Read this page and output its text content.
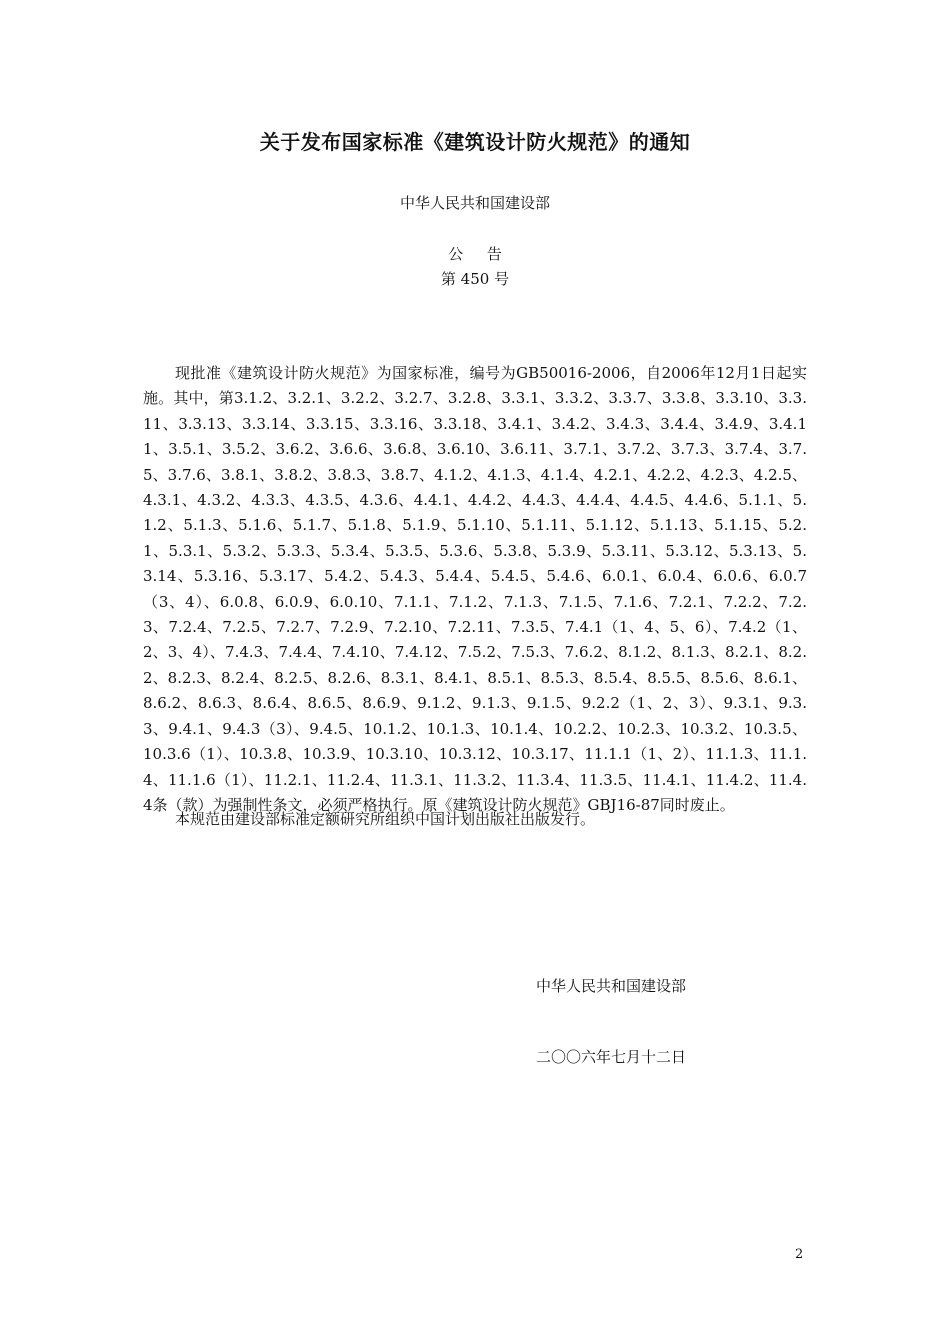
关于发布国家标准《建筑设计防火规范》的通知
中华人民共和国建设部
公     告
第 450 号

现批准《建筑设计防火规范》为国家标准，编号为GB50016-2006，自2006年12月1日起实施。其中，第3.1.2、3.2.1、3.2.2、3.2.7、3.2.8、3.3.1、3.3.2、3.3.7、3.3.8、3.3.10、3.3.11、3.3.13、3.3.14、3.3.15、3.3.16、3.3.18、3.4.1、3.4.2、3.4.3、3.4.4、3.4.9、3.4.11、3.5.1、3.5.2、3.6.2、3.6.6、3.6.8、3.6.10、3.6.11、3.7.1、3.7.2、3.7.3、3.7.4、3.7.5、3.7.6、3.8.1、3.8.2、3.8.3、3.8.7、4.1.2、4.1.3、4.1.4、4.2.1、4.2.2、4.2.3、4.2.5、4.3.1、4.3.2、4.3.3、4.3.5、4.3.6、4.4.1、4.4.2、4.4.3、4.4.4、4.4.5、4.4.6、5.1.1、5.1.2、5.1.3、5.1.6、5.1.7、5.1.8、5.1.9、5.1.10、5.1.11、5.1.12、5.1.13、5.1.15、5.2.1、5.3.1、5.3.2、5.3.3、5.3.4、5.3.5、5.3.6、5.3.8、5.3.9、5.3.11、5.3.12、5.3.13、5.3.14、5.3.16、5.3.17、5.4.2、5.4.3、5.4.4、5.4.5、5.4.6、6.0.1、6.0.4、6.0.6、6.0.7（3、4）、6.0.8、6.0.9、6.0.10、7.1.1、7.1.2、7.1.3、7.1.5、7.1.6、7.2.1、7.2.2、7.2.3、7.2.4、7.2.5、7.2.7、7.2.9、7.2.10、7.2.11、7.3.5、7.4.1（1、4、5、6）、7.4.2（1、2、3、4）、7.4.3、7.4.4、7.4.10、7.4.12、7.5.2、7.5.3、7.6.2、8.1.2、8.1.3、8.2.1、8.2.2、8.2.3、8.2.4、8.2.5、8.2.6、8.3.1、8.4.1、8.5.1、8.5.3、8.5.4、8.5.5、8.5.6、8.6.1、8.6.2、8.6.3、8.6.4、8.6.5、8.6.9、9.1.2、9.1.3、9.1.5、9.2.2（1、2、3）、9.3.1、9.3.3、9.4.1、9.4.3（3）、9.4.5、10.1.2、10.1.3、10.1.4、10.2.2、10.2.3、10.3.2、10.3.5、10.3.6（1）、10.3.8、10.3.9、10.3.10、10.3.12、10.3.17、11.1.1（1、2）、11.1.3、11.1.4、11.1.6（1）、11.2.1、11.2.4、11.3.1、11.3.2、11.3.4、11.3.5、11.4.1、11.4.2、11.4.4条（款）为强制性条文，必须严格执行。原《建筑设计防火规范》GBJ16-87同时废止。

本规范由建设部标准定额研究所组织中国计划出版社出版发行。

中华人民共和国建设部
二〇〇六年七月十二日
2
